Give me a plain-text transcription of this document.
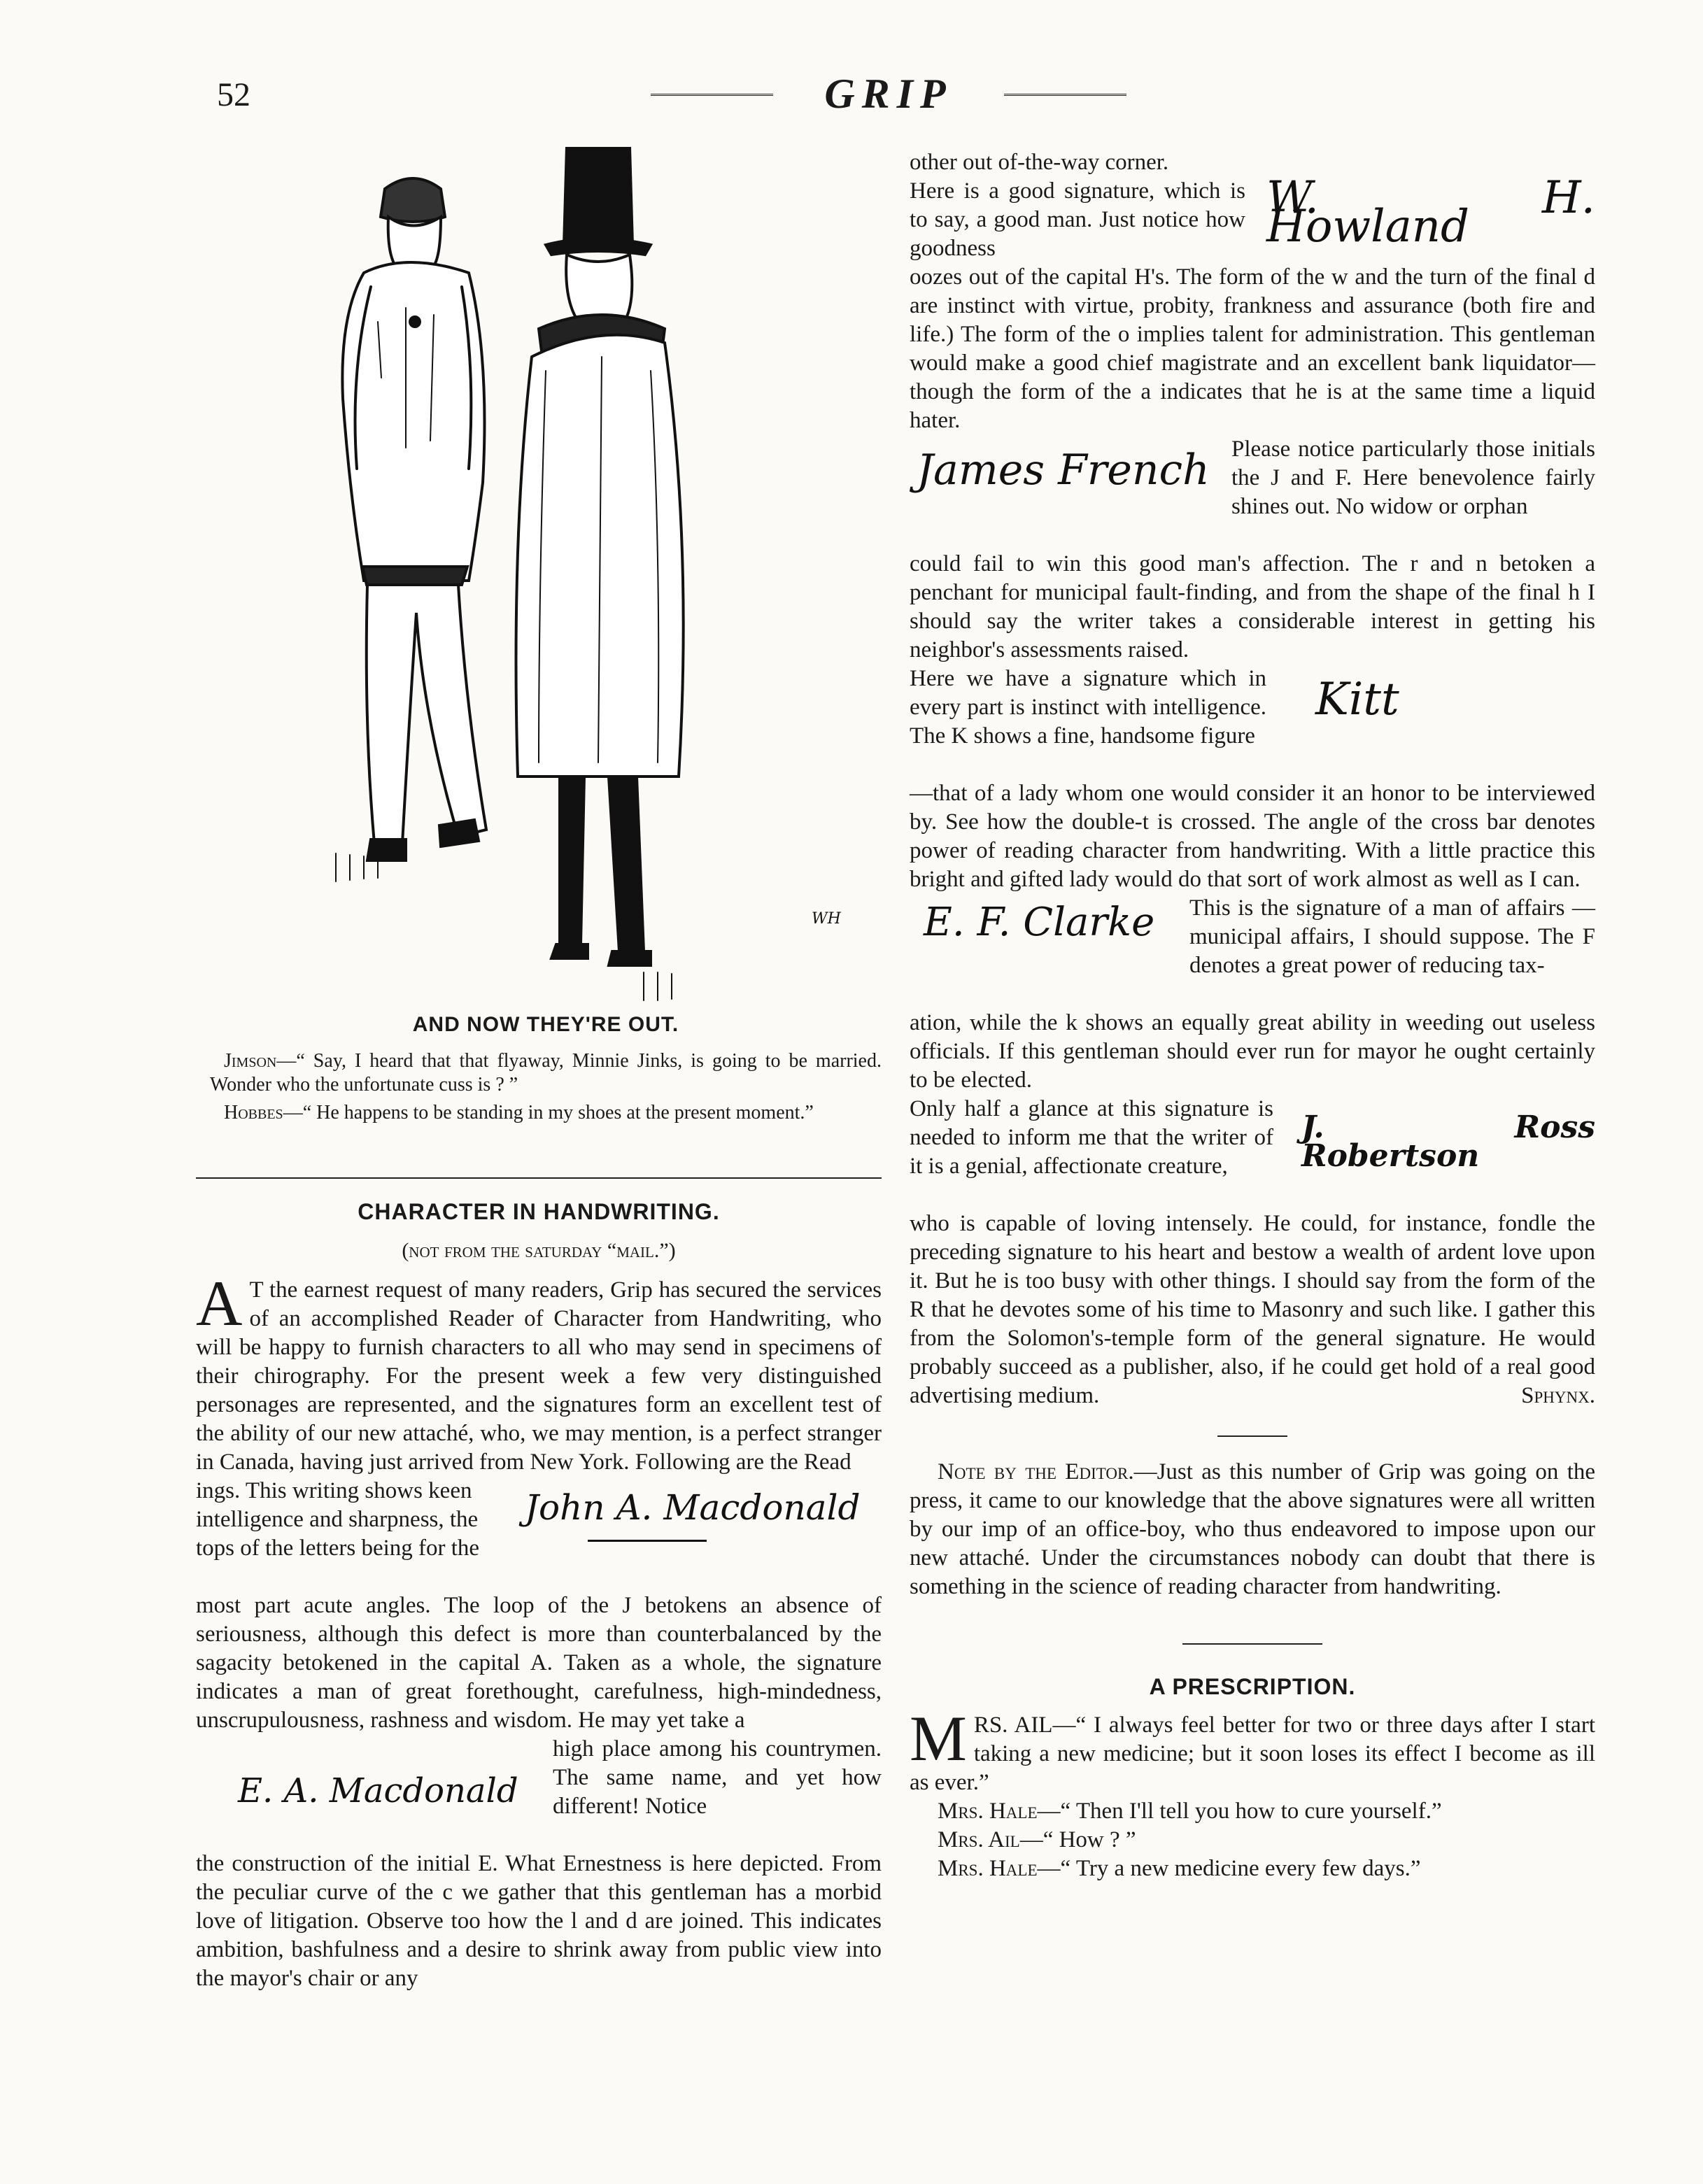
52	GRIP
WH
AND NOW THEY'RE OUT.

Jimson—“ Say, I heard that that flyaway, Minnie Jinks, is going to be married. Wonder who the unfortunate cuss is ? ”

Hobbes—“ He happens to be standing in my shoes at the present moment.”

CHARACTER IN HANDWRITING.
(not from the saturday “mail.”)

A T the earnest request of many readers, Grip has secured the services of an accomplished Reader of Character from Handwriting, who will be happy to furnish characters to all who may send in specimens of their chirography. For the present week a few very distinguished personages are represented, and the signatures form an excellent test of the ability of our new attaché, who, we may mention, is a perfect stranger in Canada, having just arrived from New York. Following are the Read

ings. This writing shows keen intelligence and sharpness, the tops of the letters being for the

John A. Macdonald

most part acute angles. The loop of the J betokens an absence of seriousness, although this defect is more than counterbalanced by the sagacity betokened in the capital A. Taken as a whole, the signature indicates a man of great forethought, carefulness, high-mindedness, unscrupulousness, rashness and wisdom. He may yet take a

E. A. Macdonald

high place among his countrymen. The same name, and yet how different! Notice

the construction of the initial E. What Ernestness is here depicted. From the peculiar curve of the c we gather that this gentleman has a morbid love of litigation. Observe too how the l and d are joined. This indicates ambition, bashfulness and a desire to shrink away from public view into the mayor's chair or any

other out of-the-way corner.

Here is a good signature, which is to say, a good man. Just notice how goodness

W. H. Howland

oozes out of the capital H's. The form of the w and the turn of the final d are instinct with virtue, probity, frankness and assurance (both fire and life.) The form of the o implies talent for administration. This gentleman would make a good chief magistrate and an excellent bank liquidator—though the form of the a indicates that he is at the same time a liquid hater.

James French Please notice particularly those initials the J and F. Here benevolence fairly shines out. No widow or orphan

could fail to win this good man's affection. The r and n betoken a penchant for municipal fault-finding, and from the shape of the final h I should say the writer takes a considerable interest in getting his neighbor's assessments raised.

Here we have a signature which in every part is instinct with intelligence. The K shows a fine, handsome figure

Kitt

—that of a lady whom one would consider it an honor to be interviewed by. See how the double-t is crossed. The angle of the cross bar denotes power of reading character from handwriting. With a little practice this bright and gifted lady would do that sort of work almost as well as I can.

E. F. Clarke This is the signature of a man of affairs — municipal affairs, I should suppose. The F denotes a great power of reducing tax-

ation, while the k shows an equally great ability in weeding out useless officials. If this gentleman should ever run for mayor he ought certainly to be elected.

Only half a glance at this signature is needed to inform me that the writer of it is a genial, affectionate creature,

J. Ross Robertson

who is capable of loving intensely. He could, for instance, fondle the preceding signature to his heart and bestow a wealth of ardent love upon it. But he is too busy with other things. I should say from the form of the R that he devotes some of his time to Masonry and such like. I gather this from the Solomon's-temple form of the general signature. He would probably succeed as a publisher, also, if he could get hold of a real good advertising medium.	Sphynx.

Note by the Editor.—Just as this number of Grip was going on the press, it came to our knowledge that the above signatures were all written by our imp of an office-boy, who thus endeavored to impose upon our new attaché. Under the circumstances nobody can doubt that there is something in the science of reading character from handwriting.

A PRESCRIPTION.

MRS. AIL—“ I always feel better for two or three days after I start taking a new medicine; but it soon loses its effect I become as ill as ever.”

Mrs. Hale—“ Then I'll tell you how to cure yourself.”

Mrs. Ail—“ How ? ”

Mrs. Hale—“ Try a new medicine every few days.”
